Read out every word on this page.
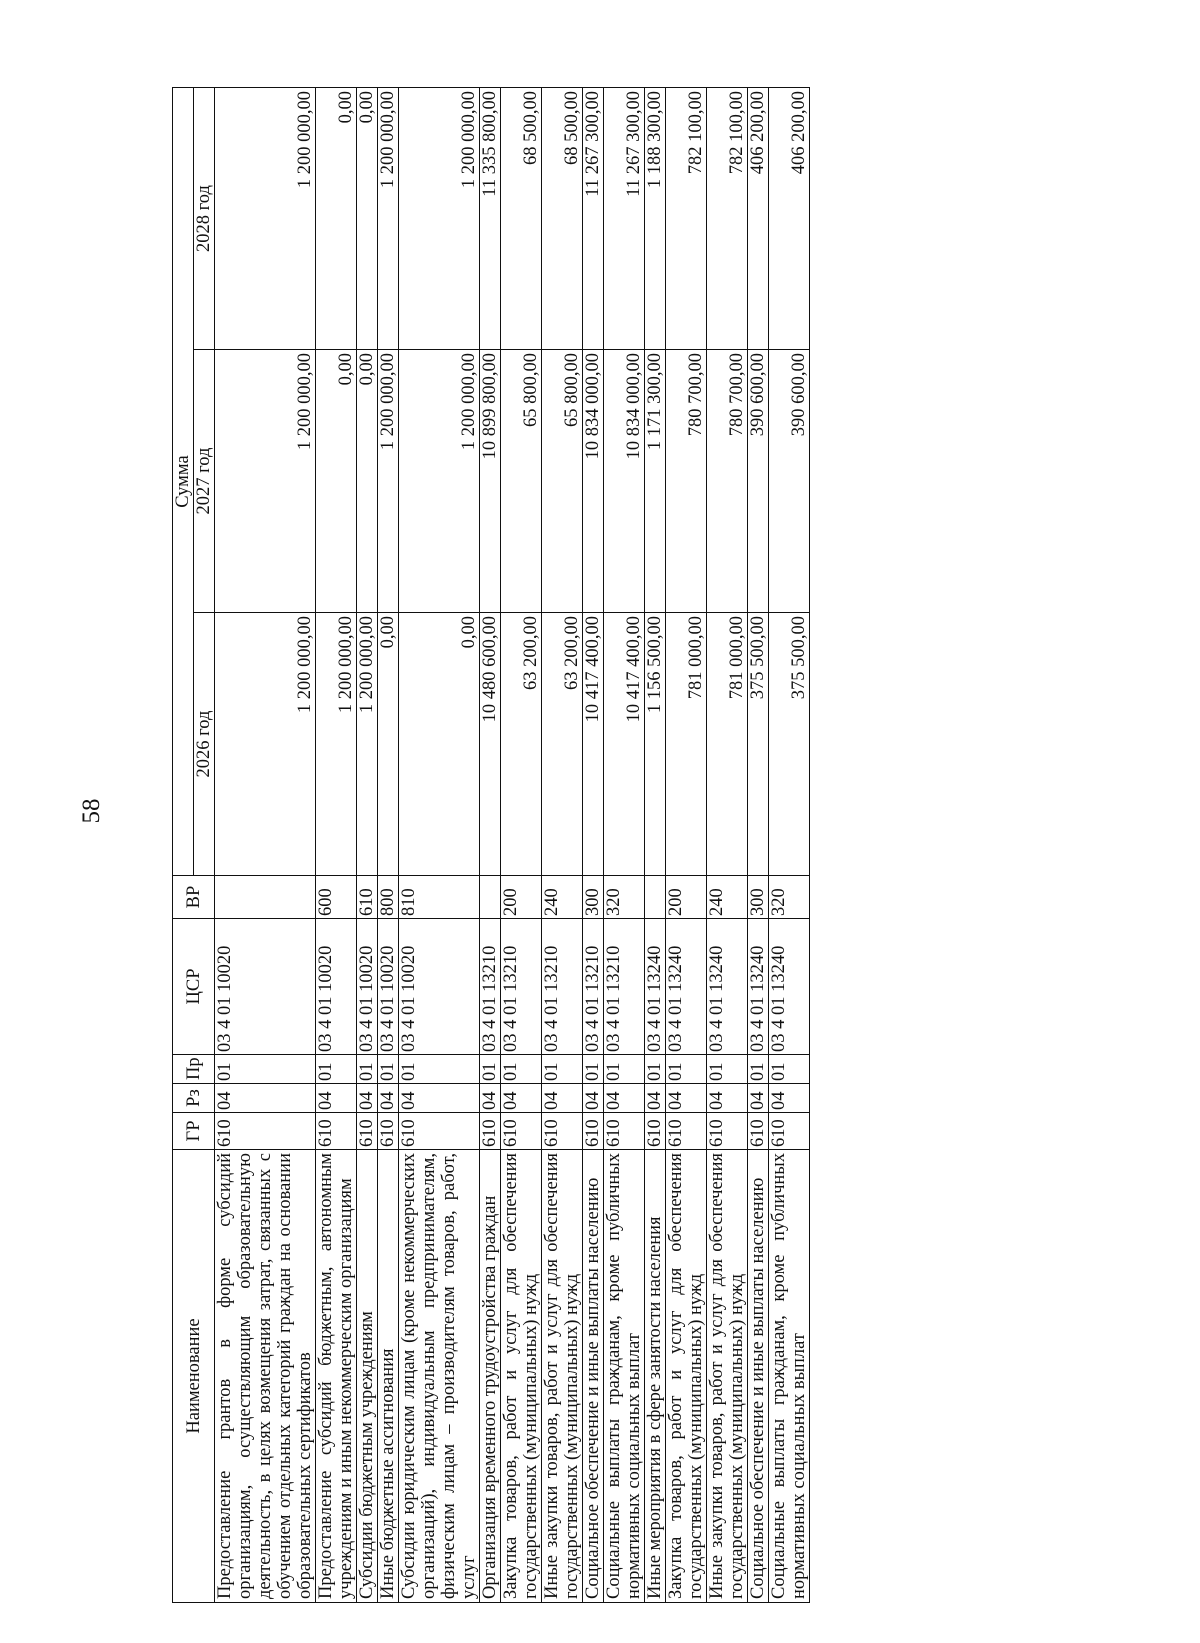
58
Наименование	ГР	Рз	Пр	ЦСР	ВР	Сумма		
						2026 год	2027 год	2028 год
Предоставление грантов в форме субсидий организациям, осуществляющим образовательную деятельность, в целях возмещения затрат, связанных с обучением отдельных категорий граждан на основании образовательных сертификатов	610	04	01	03 4 01 10020		1 200 000,00	1 200 000,00	1 200 000,00
Предоставление субсидий бюджетным, автономным учреждениям и иным некоммерческим организациям	610	04	01	03 4 01 10020	600	1 200 000,00	0,00	0,00
Субсидии бюджетным учреждениям	610	04	01	03 4 01 10020	610	1 200 000,00	0,00	0,00
Иные бюджетные ассигнования	610	04	01	03 4 01 10020	800	0,00	1 200 000,00	1 200 000,00
Субсидии юридическим лицам (кроме некоммерческих организаций), индивидуальным предпринимателям, физическим лицам – производителям товаров, работ, услуг	610	04	01	03 4 01 10020	810	0,00	1 200 000,00	1 200 000,00
Организация временного трудоустройства граждан	610	04	01	03 4 01 13210		10 480 600,00	10 899 800,00	11 335 800,00
Закупка товаров, работ и услуг для обеспечения государственных (муниципальных) нужд	610	04	01	03 4 01 13210	200	63 200,00	65 800,00	68 500,00
Иные закупки товаров, работ и услуг для обеспечения государственных (муниципальных) нужд	610	04	01	03 4 01 13210	240	63 200,00	65 800,00	68 500,00
Социальное обеспечение и иные выплаты населению	610	04	01	03 4 01 13210	300	10 417 400,00	10 834 000,00	11 267 300,00
Социальные выплаты гражданам, кроме публичных нормативных социальных выплат	610	04	01	03 4 01 13210	320	10 417 400,00	10 834 000,00	11 267 300,00
Иные мероприятия в сфере занятости населения	610	04	01	03 4 01 13240		1 156 500,00	1 171 300,00	1 188 300,00
Закупка товаров, работ и услуг для обеспечения государственных (муниципальных) нужд	610	04	01	03 4 01 13240	200	781 000,00	780 700,00	782 100,00
Иные закупки товаров, работ и услуг для обеспечения государственных (муниципальных) нужд	610	04	01	03 4 01 13240	240	781 000,00	780 700,00	782 100,00
Социальное обеспечение и иные выплаты населению	610	04	01	03 4 01 13240	300	375 500,00	390 600,00	406 200,00
Социальные выплаты гражданам, кроме публичных нормативных социальных выплат	610	04	01	03 4 01 13240	320	375 500,00	390 600,00	406 200,00
